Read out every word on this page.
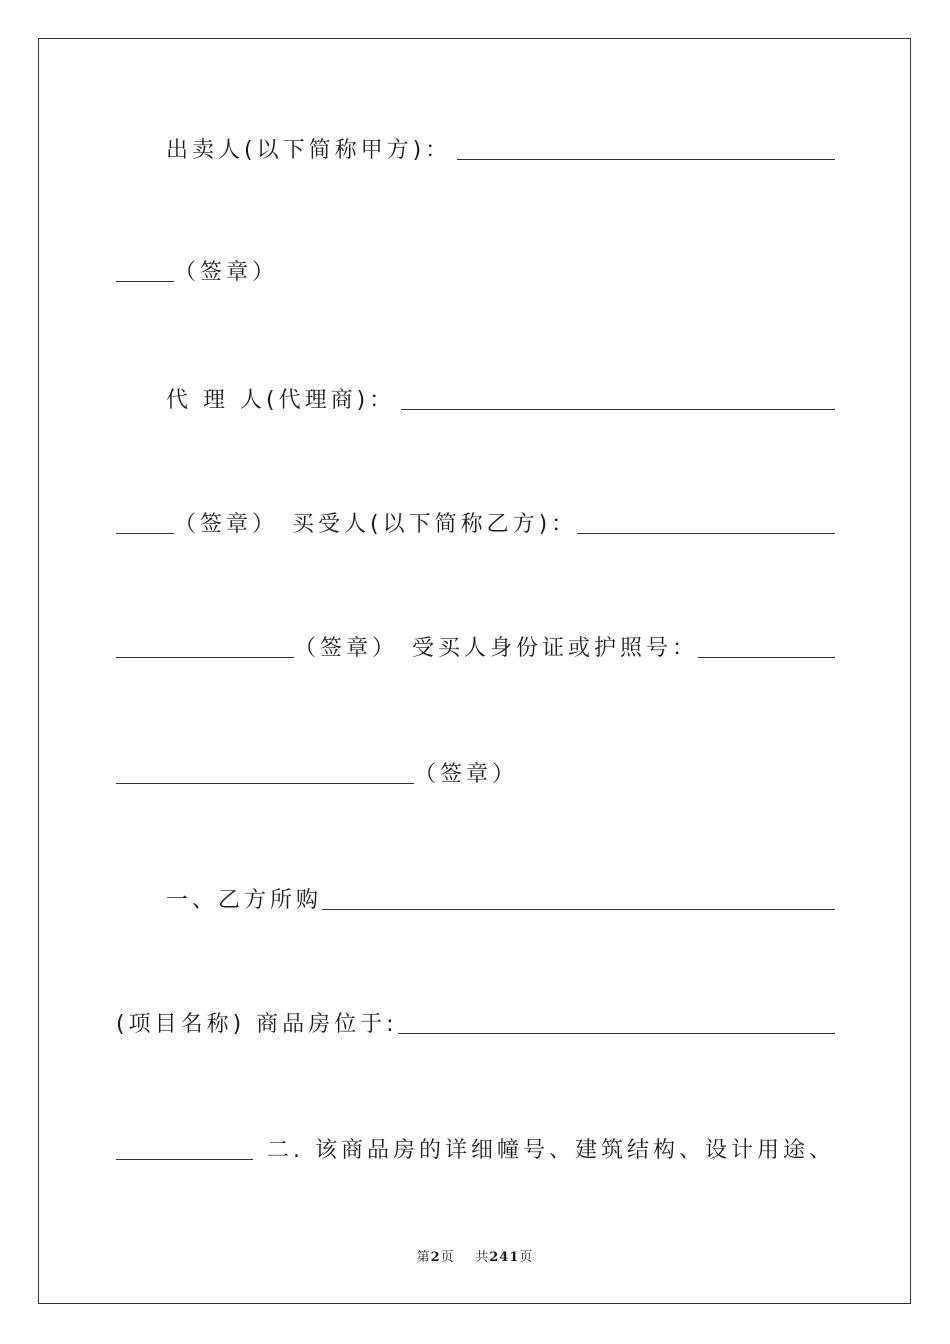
出卖人(以下简称甲方)：
（签章）
代 理 人(代理商)：
（签章） 买受人(以下简称乙方)：
（签章） 受买人身份证或护照号：
（签章）
一、乙方所购
(项目名称) 商品房位于:
二. 该商品房的详细幢号、建筑结构、设计用途、
第2页 共241页
